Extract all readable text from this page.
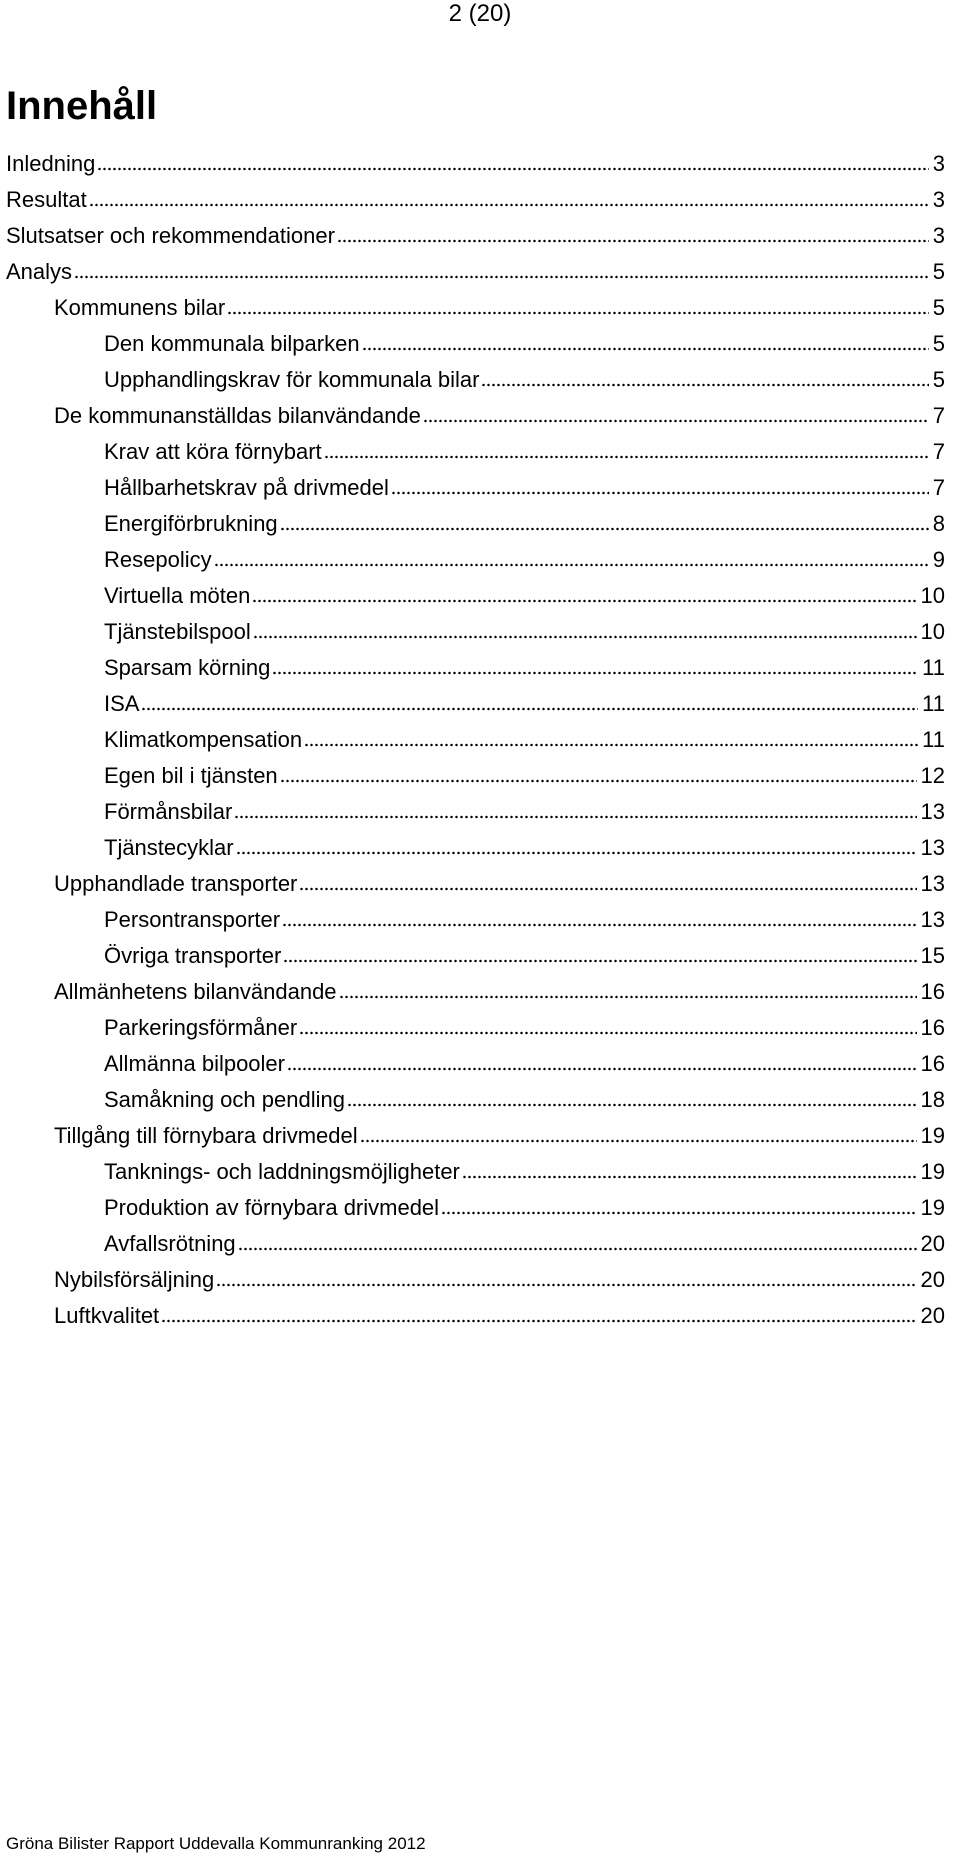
2 (20)
Innehåll
Inledning	3
Resultat	3
Slutsatser och rekommendationer	3
Analys	5
Kommunens bilar	5
Den kommunala bilparken	5
Upphandlingskrav för kommunala bilar	5
De kommunanställdas bilanvändande	7
Krav att köra förnybart	7
Hållbarhetskrav på drivmedel	7
Energiförbrukning	8
Resepolicy	9
Virtuella möten	10
Tjänstebilspool	10
Sparsam körning	11
ISA	11
Klimatkompensation	11
Egen bil i tjänsten	12
Förmånsbilar	13
Tjänstecyklar	13
Upphandlade transporter	13
Persontransporter	13
Övriga transporter	15
Allmänhetens bilanvändande	16
Parkeringsförmåner	16
Allmänna bilpooler	16
Samåkning och pendling	18
Tillgång till förnybara drivmedel	19
Tanknings- och laddningsmöjligheter	19
Produktion av förnybara drivmedel	19
Avfallsrötning	20
Nybilsförsäljning	20
Luftkvalitet	20
Gröna Bilister Rapport Uddevalla Kommunranking 2012
